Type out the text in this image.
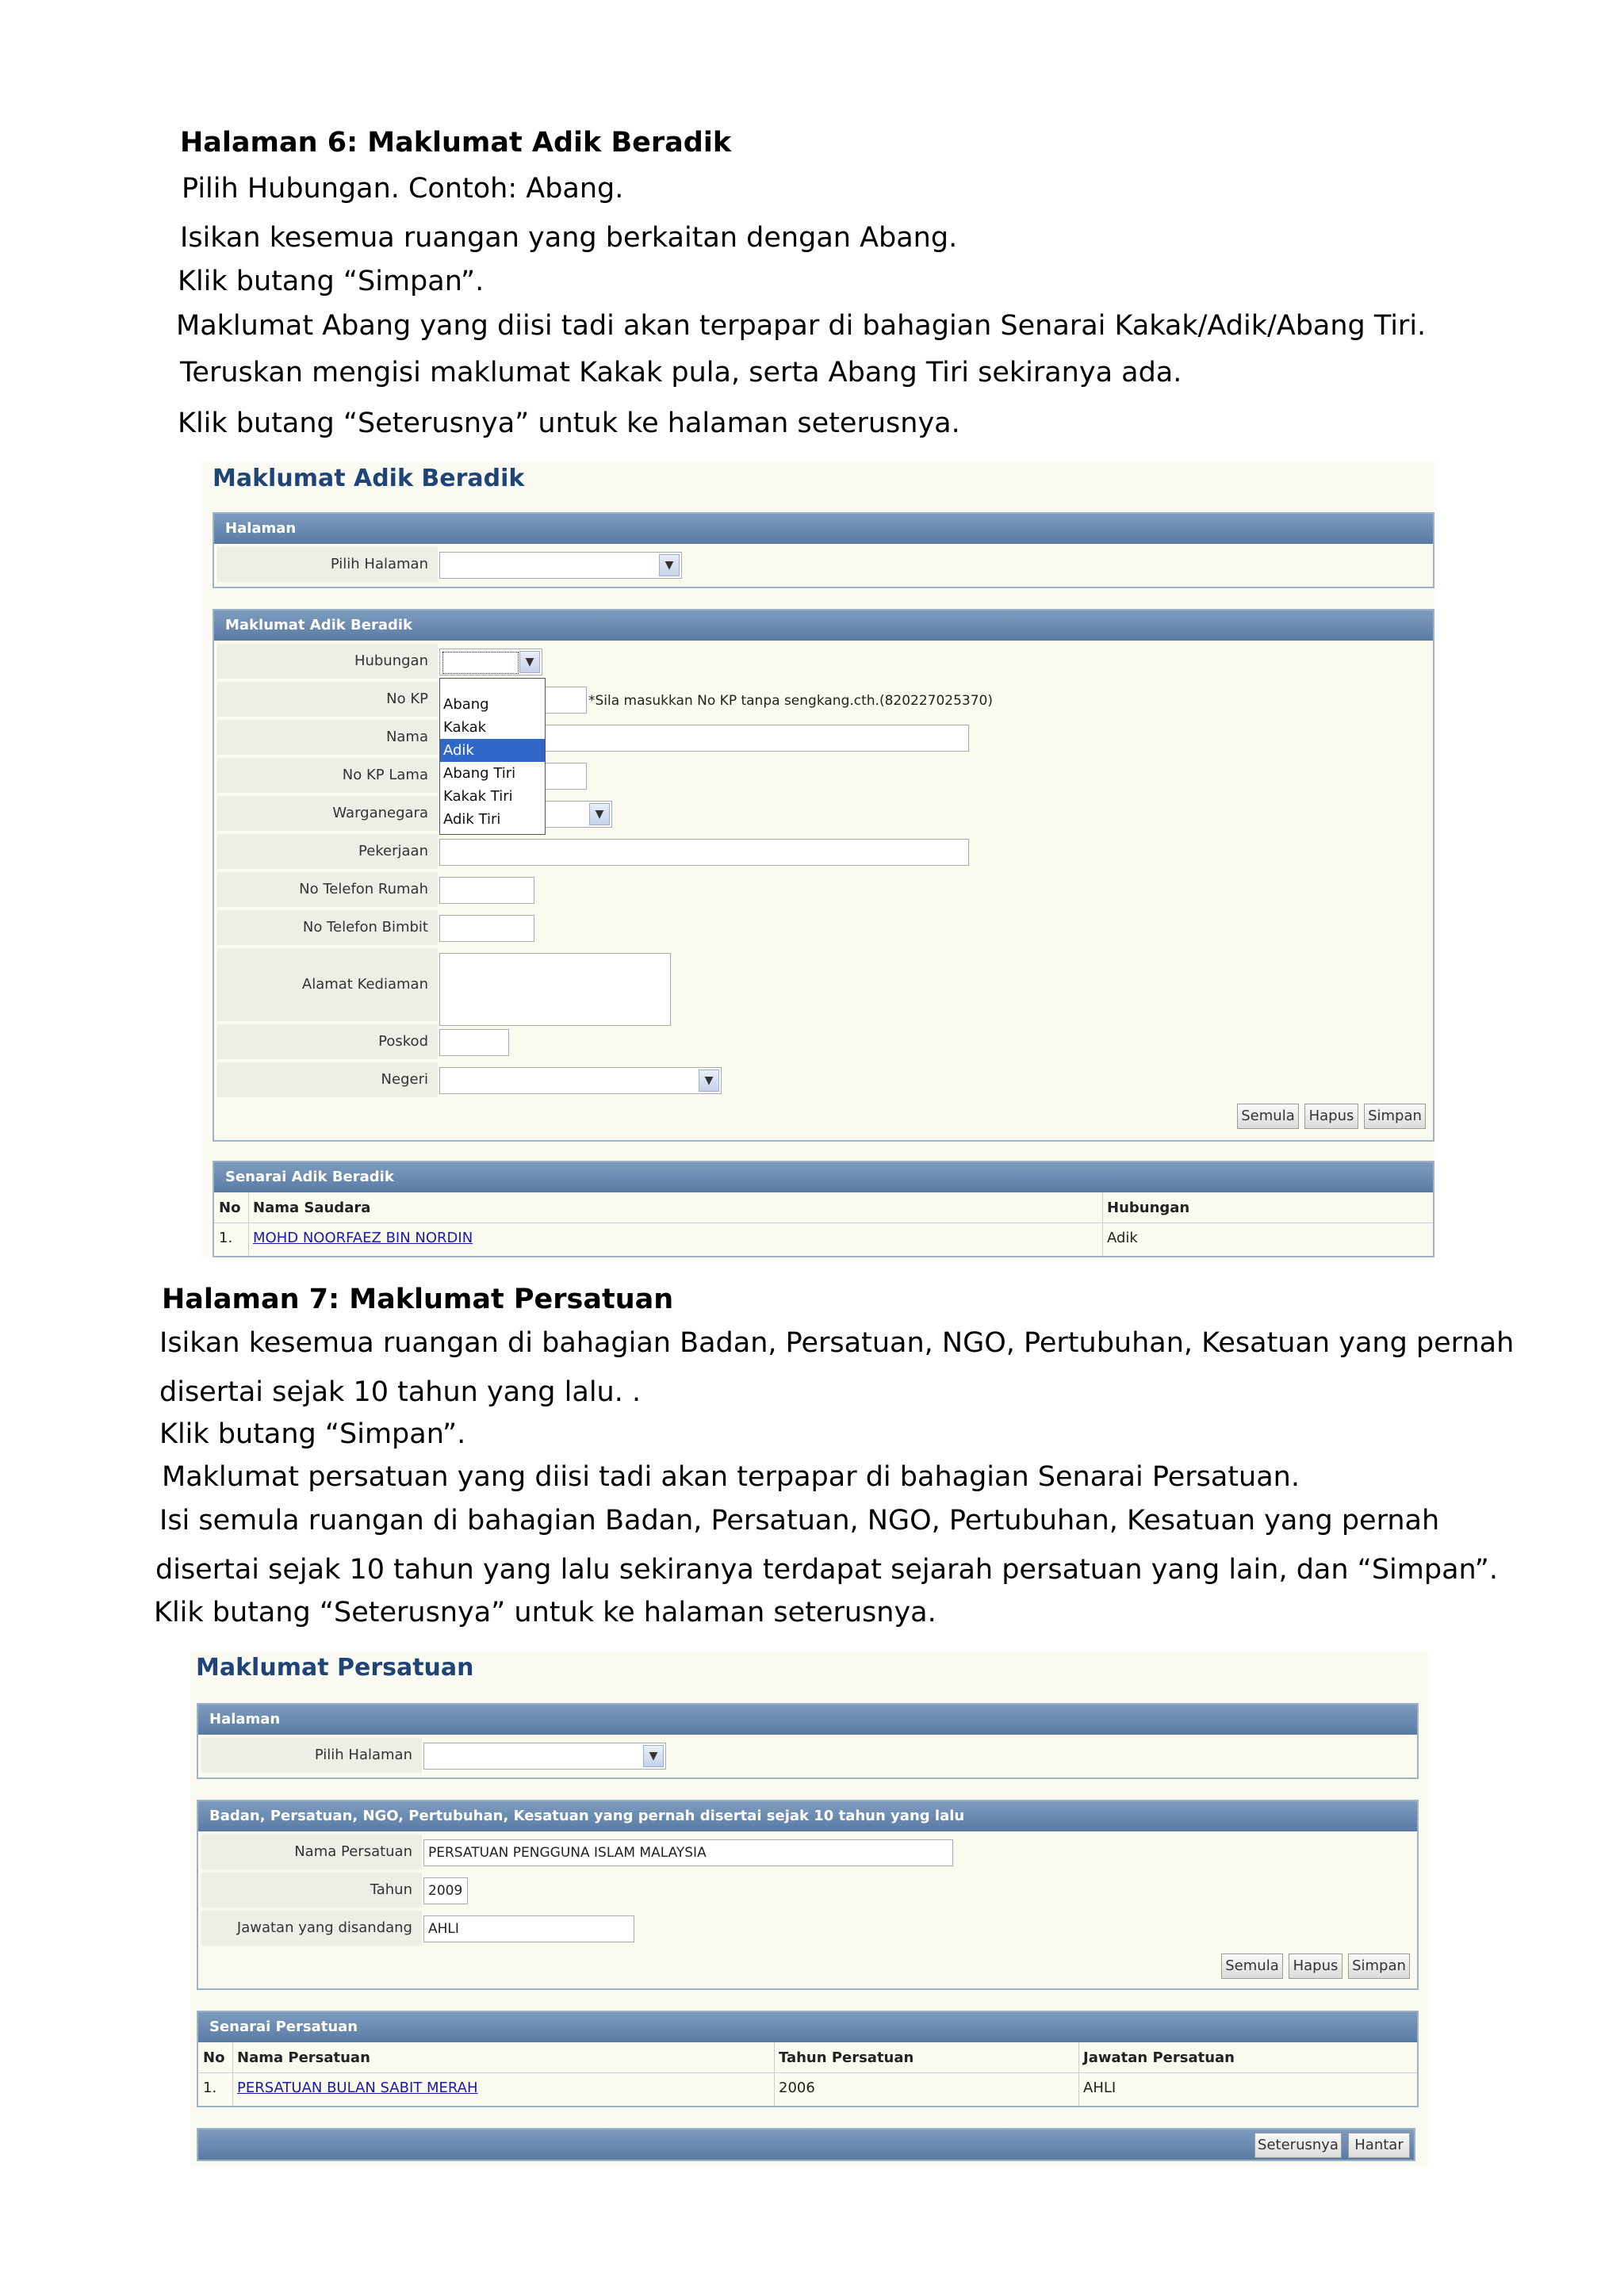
Halaman 6: Maklumat Adik Beradik
Pilih Hubungan. Contoh: Abang.
Isikan kesemua ruangan yang berkaitan dengan Abang.
Klik butang “Simpan”.
Maklumat Abang yang diisi tadi akan terpapar di bahagian Senarai Kakak/Adik/Abang Tiri.
Teruskan mengisi maklumat Kakak pula, serta Abang Tiri sekiranya ada.
Klik butang “Seterusnya” untuk ke halaman seterusnya.
Maklumat Adik Beradik
Halaman
Pilih Halaman	▼
Maklumat Adik Beradik
Hubungan	▼
No KP	*Sila masukkan No KP tanpa sengkang.cth.(820227025370)
Nama
No KP Lama
Warganegara	▼
Pekerjaan
No Telefon Rumah
No Telefon Bimbit
Alamat Kediaman
Poskod
Negeri	▼
Semula Hapus Simpan
Abang
Kakak
Adik
Abang Tiri
Kakak Tiri
Adik Tiri
Senarai Adik Beradik
No Nama Saudara	Hubungan
1. MOHD NOORFAEZ BIN NORDIN	Adik
Halaman 7: Maklumat Persatuan
Isikan kesemua ruangan di bahagian Badan, Persatuan, NGO, Pertubuhan, Kesatuan yang pernah
disertai sejak 10 tahun yang lalu. .
Klik butang “Simpan”.
Maklumat persatuan yang diisi tadi akan terpapar di bahagian Senarai Persatuan.
Isi semula ruangan di bahagian Badan, Persatuan, NGO, Pertubuhan, Kesatuan yang pernah
disertai sejak 10 tahun yang lalu sekiranya terdapat sejarah persatuan yang lain, dan “Simpan”.
Klik butang “Seterusnya” untuk ke halaman seterusnya.
Maklumat Persatuan
Halaman
Pilih Halaman	▼
Badan, Persatuan, NGO, Pertubuhan, Kesatuan yang pernah disertai sejak 10 tahun yang lalu
Nama Persatuan	PERSATUAN PENGGUNA ISLAM MALAYSIA
Tahun	2009
Jawatan yang disandang	AHLI
Semula Hapus Simpan
Senarai Persatuan
No Nama Persatuan	Tahun Persatuan	Jawatan Persatuan
1. PERSATUAN BULAN SABIT MERAH	2006	AHLI
Seterusnya	Hantar
